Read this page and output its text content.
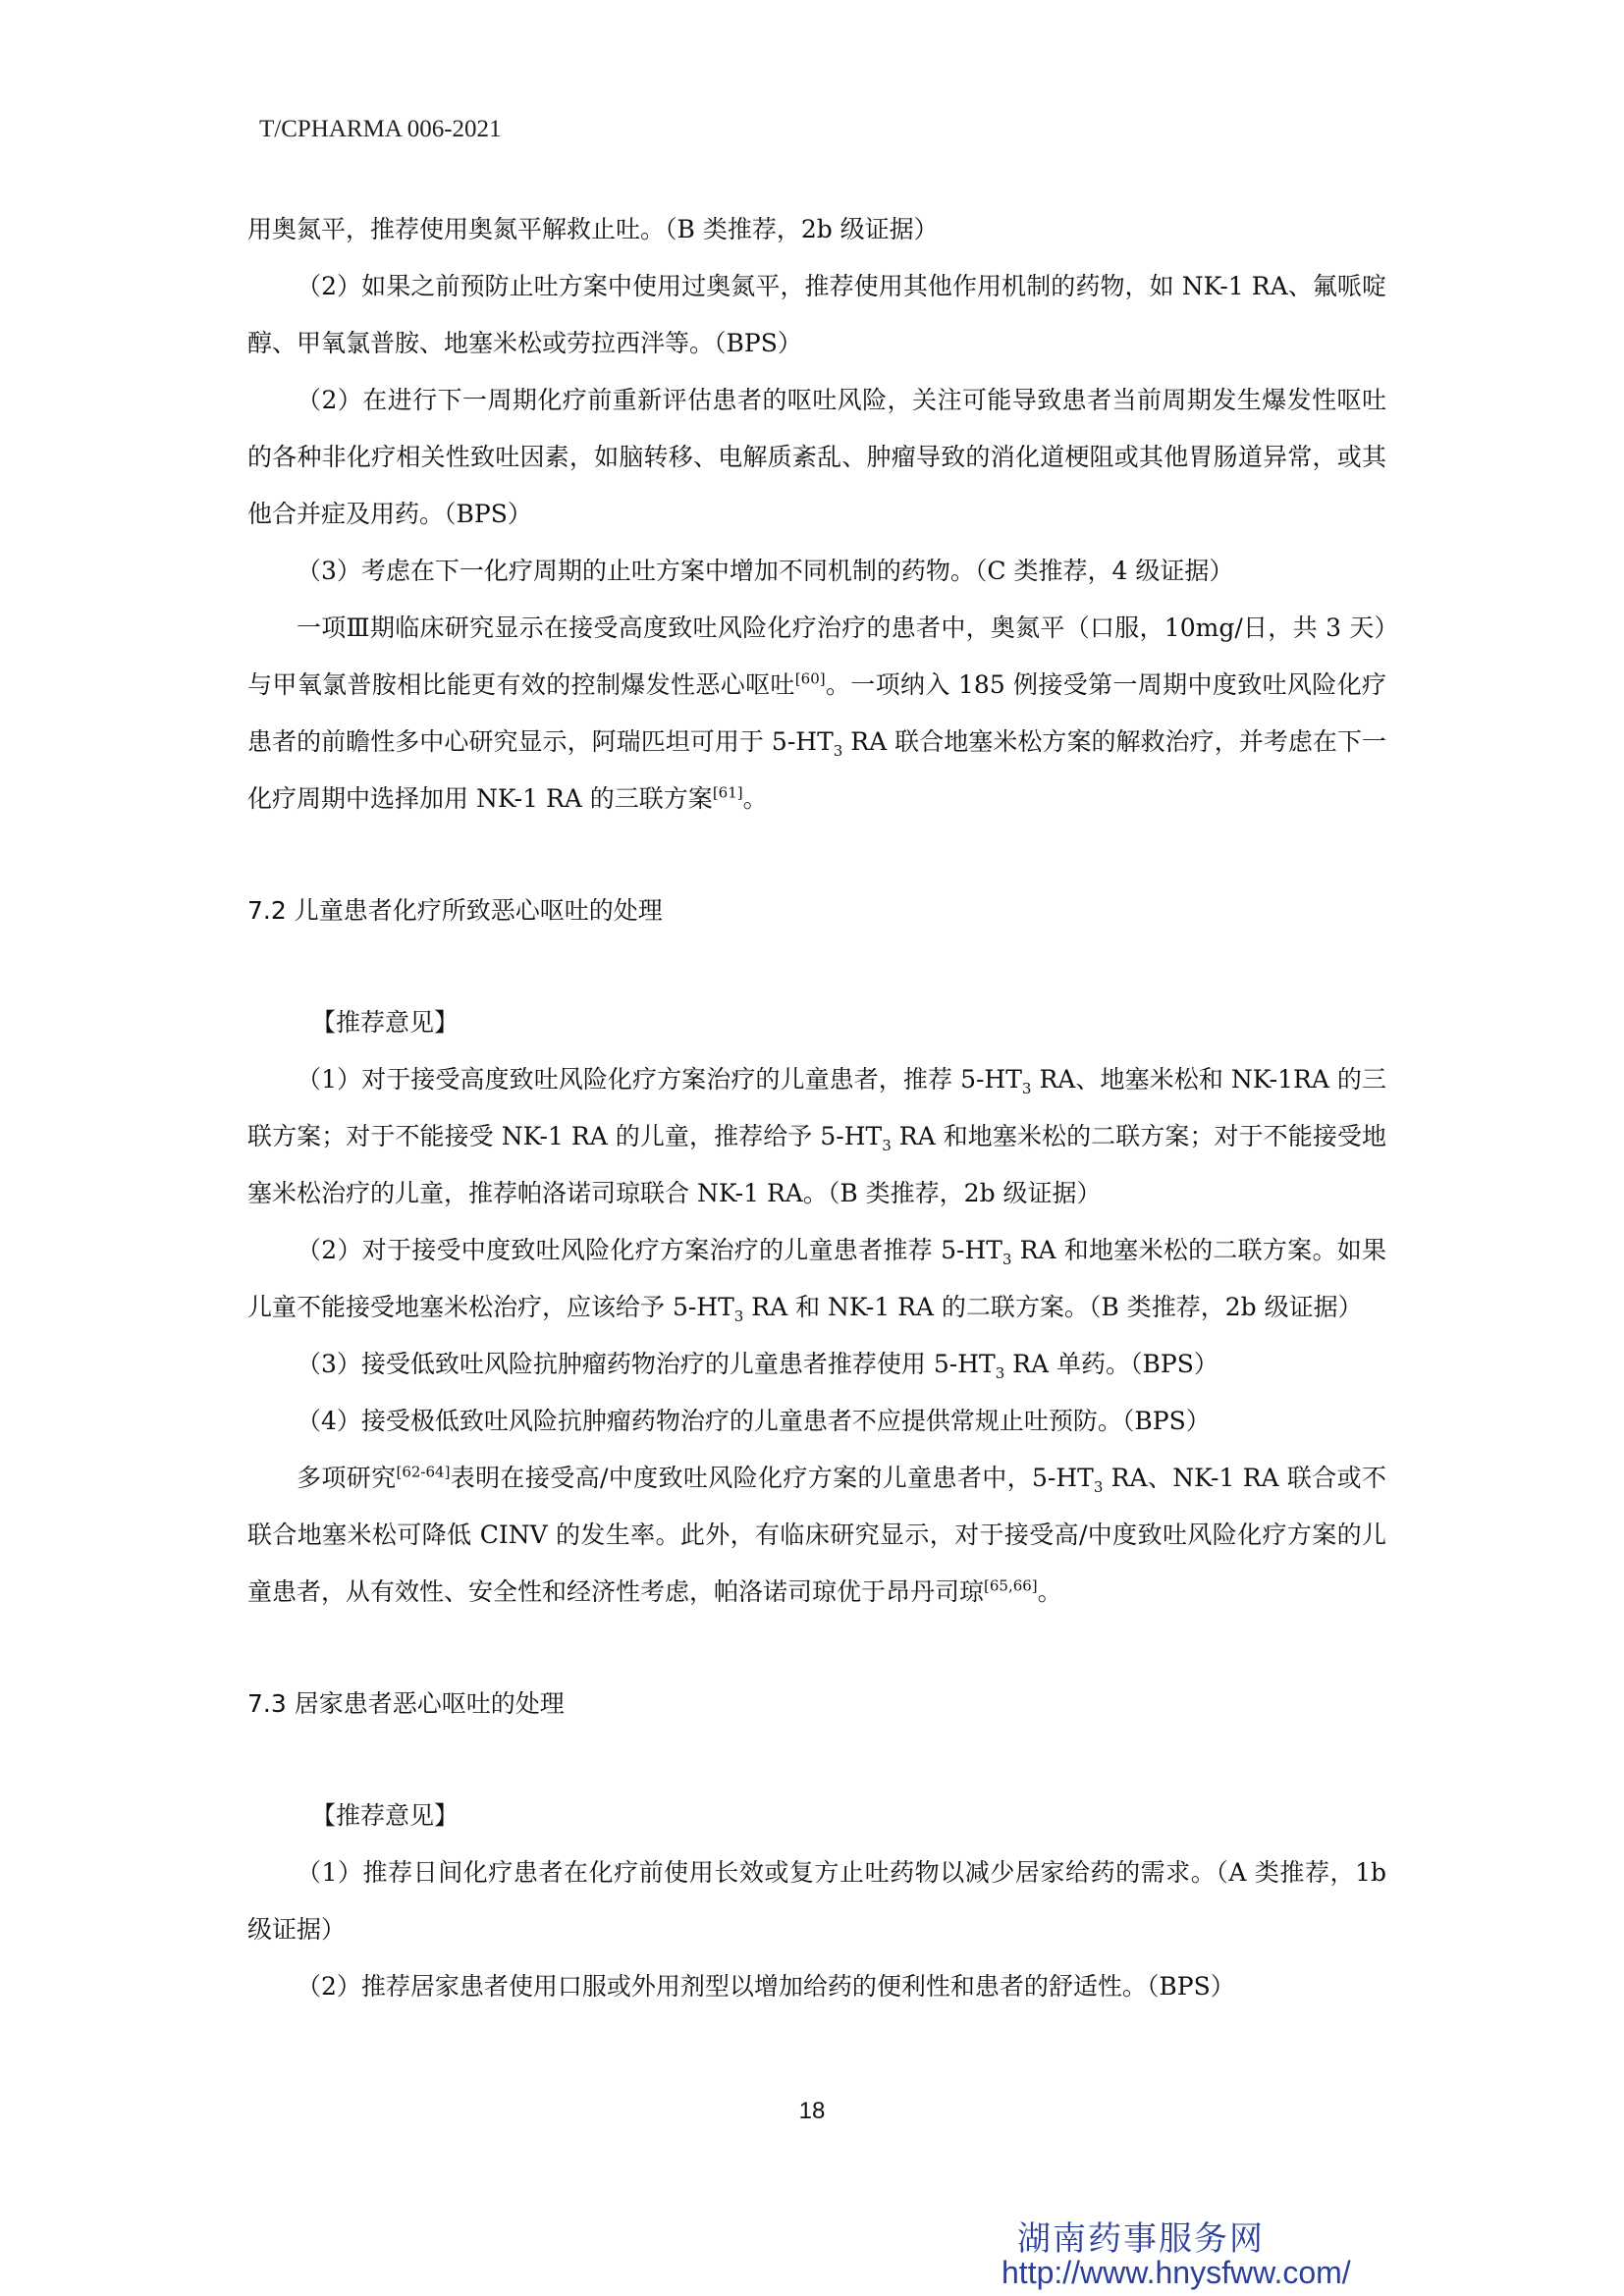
T/CPHARMA 006-2021

用奥氮平，推荐使用奥氮平解救止吐。（B 类推荐，2b 级证据）

（2）如果之前预防止吐方案中使用过奥氮平，推荐使用其他作用机制的药物，如 NK-1 RA、氟哌啶醇、甲氧氯普胺、地塞米松或劳拉西泮等。（BPS）

（2）在进行下一周期化疗前重新评估患者的呕吐风险，关注可能导致患者当前周期发生爆发性呕吐的各种非化疗相关性致吐因素，如脑转移、电解质紊乱、肿瘤导致的消化道梗阻或其他胃肠道异常，或其他合并症及用药。（BPS）

（3）考虑在下一化疗周期的止吐方案中增加不同机制的药物。（C 类推荐，4 级证据）

一项Ⅲ期临床研究显示在接受高度致吐风险化疗治疗的患者中，奥氮平（口服，10mg/日，共 3 天）与甲氧氯普胺相比能更有效的控制爆发性恶心呕吐[60]。一项纳入 185 例接受第一周期中度致吐风险化疗患者的前瞻性多中心研究显示，阿瑞匹坦可用于 $5-HT_3$ RA 联合地塞米松方案的解救治疗，并考虑在下一化疗周期中选择加用 NK-1 RA 的三联方案[61]。

7.2 儿童患者化疗所致恶心呕吐的处理

【推荐意见】

（1）对于接受高度致吐风险化疗方案治疗的儿童患者，推荐 $5-HT_3$ RA、地塞米松和 NK-1RA 的三联方案；对于不能接受 NK-1 RA 的儿童，推荐给予 $5-HT_3$ RA 和地塞米松的二联方案；对于不能接受地塞米松治疗的儿童，推荐帕洛诺司琼联合 NK-1 RA。（B 类推荐，2b 级证据）

（2）对于接受中度致吐风险化疗方案治疗的儿童患者推荐 $5-HT_3$ RA 和地塞米松的二联方案。如果儿童不能接受地塞米松治疗，应该给予 $5-HT_3$ RA 和 NK-1 RA 的二联方案。（B 类推荐，2b 级证据）

（3）接受低致吐风险抗肿瘤药物治疗的儿童患者推荐使用 $5-HT_3$ RA 单药。（BPS）

（4）接受极低致吐风险抗肿瘤药物治疗的儿童患者不应提供常规止吐预防。（BPS）

多项研究[62-64]表明在接受高/中度致吐风险化疗方案的儿童患者中，$5-HT_3$ RA、NK-1 RA 联合或不联合地塞米松可降低 CINV 的发生率。此外，有临床研究显示，对于接受高/中度致吐风险化疗方案的儿童患者，从有效性、安全性和经济性考虑，帕洛诺司琼优于昂丹司琼[65,66]。

7.3 居家患者恶心呕吐的处理

【推荐意见】

（1）推荐日间化疗患者在化疗前使用长效或复方止吐药物以减少居家给药的需求。（A 类推荐，1b 级证据）

（2）推荐居家患者使用口服或外用剂型以增加给药的便利性和患者的舒适性。（BPS）

18
湖南药事服务网
http://www.hnysfww.com/
